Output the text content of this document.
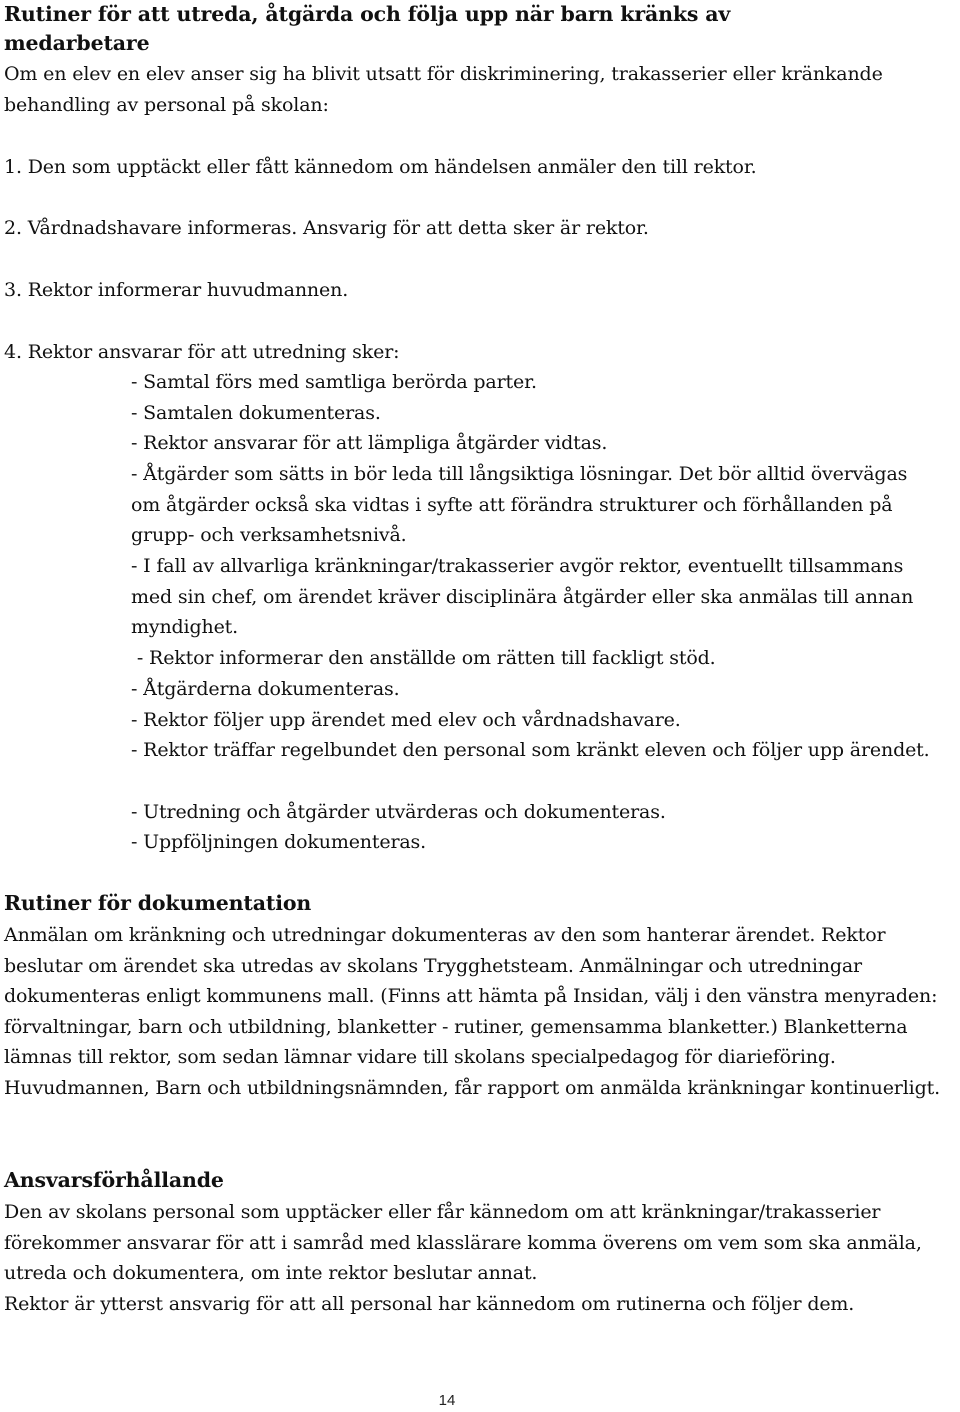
Rutiner för att utreda, åtgärda och följa upp när barn kränks av medarbetare

Om en elev en elev anser sig ha blivit utsatt för diskriminering, trakasserier eller kränkande behandling av personal på skolan:

1. Den som upptäckt eller fått kännedom om händelsen anmäler den till rektor.

2. Vårdnadshavare informeras. Ansvarig för att detta sker är rektor.

3. Rektor informerar huvudmannen.

4. Rektor ansvarar för att utredning sker:

- Samtal förs med samtliga berörda parter.

- Samtalen dokumenteras.

- Rektor ansvarar för att lämpliga åtgärder vidtas.

- Åtgärder som sätts in bör leda till långsiktiga lösningar. Det bör alltid övervägas om åtgärder också ska vidtas i syfte att förändra strukturer och förhållanden på grupp- och verksamhetsnivå.

- I fall av allvarliga kränkningar/trakasserier avgör rektor, eventuellt tillsammans med sin chef, om ärendet kräver disciplinära åtgärder eller ska anmälas till annan myndighet.

- Rektor informerar den anställde om rätten till fackligt stöd.

- Åtgärderna dokumenteras.

- Rektor följer upp ärendet med elev och vårdnadshavare.

- Rektor träffar regelbundet den personal som kränkt eleven och följer upp ärendet.

- Utredning och åtgärder utvärderas och dokumenteras.

- Uppföljningen dokumenteras.

Rutiner för dokumentation

Anmälan om kränkning och utredningar dokumenteras av den som hanterar ärendet. Rektor beslutar om ärendet ska utredas av skolans Trygghetsteam. Anmälningar och utredningar dokumenteras enligt kommunens mall. (Finns att hämta på Insidan, välj i den vänstra menyraden: förvaltningar, barn och utbildning, blanketter - rutiner, gemensamma blanketter.) Blanketterna lämnas till rektor, som sedan lämnar vidare till skolans specialpedagog för diarieföring. Huvudmannen, Barn och utbildningsnämnden, får rapport om anmälda kränkningar kontinuerligt.

Ansvarsförhållande

Den av skolans personal som upptäcker eller får kännedom om att kränkningar/trakasserier förekommer ansvarar för att i samråd med klasslärare komma överens om vem som ska anmäla, utreda och dokumentera, om inte rektor beslutar annat.

Rektor är ytterst ansvarig för att all personal har kännedom om rutinerna och följer dem.

14
